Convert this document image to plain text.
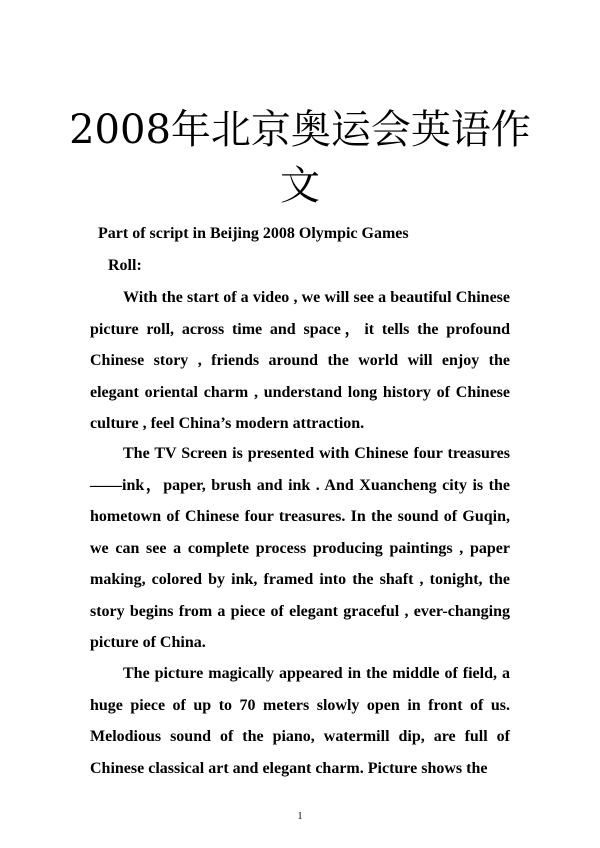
2008年北京奥运会英语作文
Part of script in Beijing 2008 Olympic Games
Roll:

With the start of a video , we will see a beautiful Chinese picture roll, across time and space，it tells the profound Chinese story , friends around the world will enjoy the elegant oriental charm , understand long history of Chinese culture , feel China’s modern attraction.

The TV Screen is presented with Chinese four treasures——ink，paper, brush and ink . And Xuancheng city is the hometown of Chinese four treasures. In the sound of Guqin, we can see a complete process producing paintings , paper making, colored by ink, framed into the shaft , tonight, the story begins from a piece of elegant graceful , ever-changing picture of China.

The picture magically appeared in the middle of field, a huge piece of up to 70 meters slowly open in front of us. Melodious sound of the piano, watermill dip, are full of Chinese classical art and elegant charm. Picture shows the

1
